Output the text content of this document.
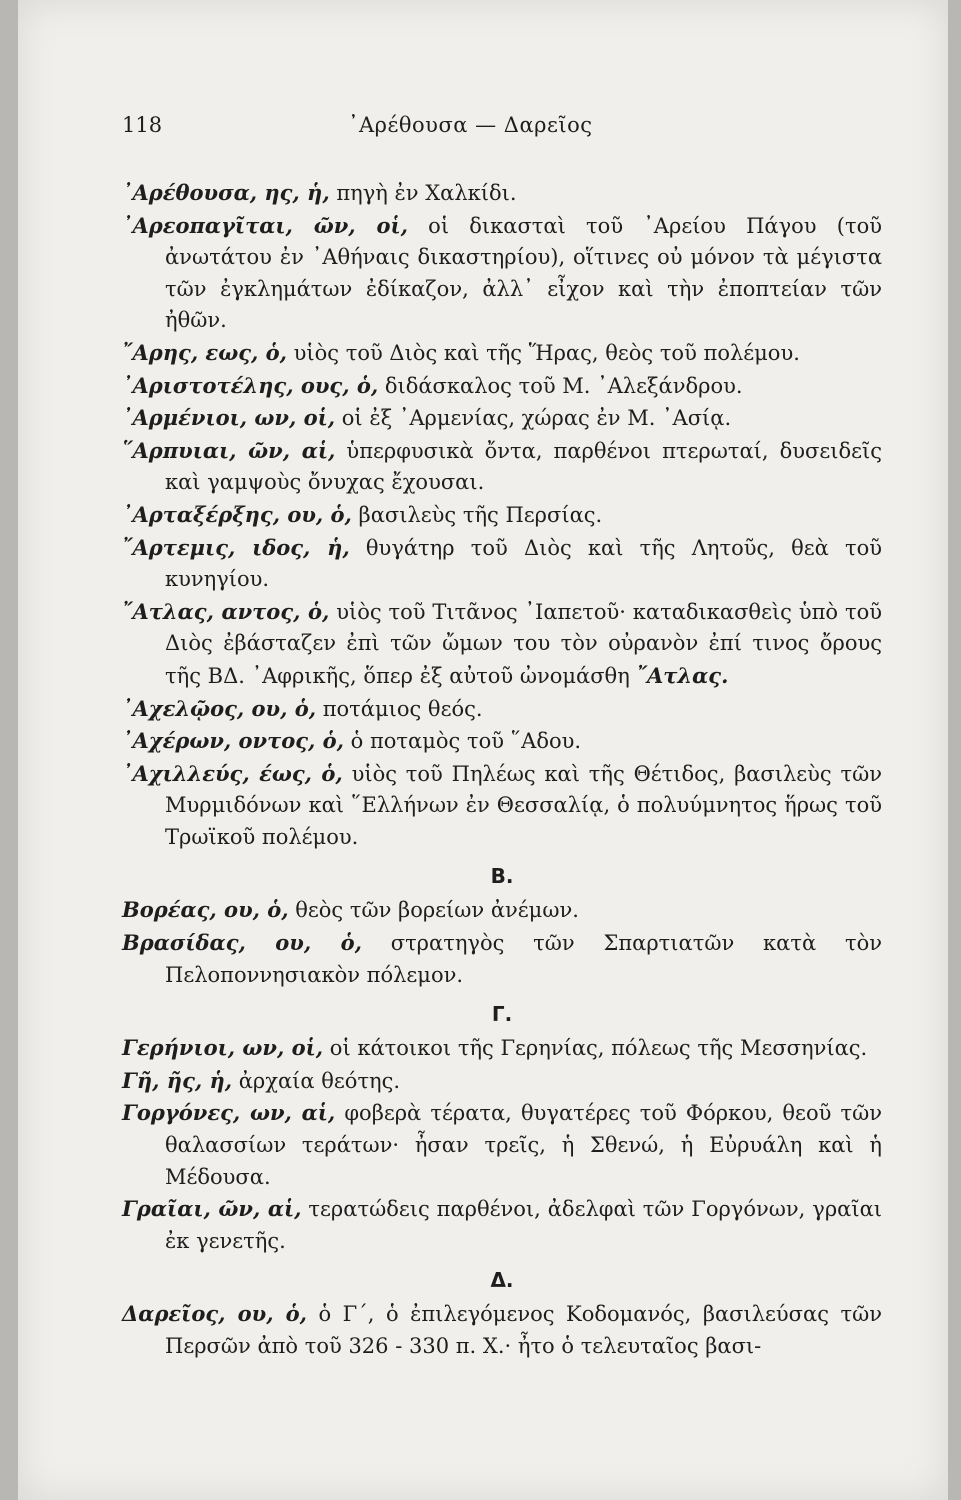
118	᾿Αρέθουσα — Δαρεῖος

᾿Αρέθουσα, ης, ἡ, πηγὴ ἐν Χαλκίδι.

᾿Αρεοπαγῖται, ῶν, οἱ, οἱ δικασταὶ τοῦ ᾿Αρείου Πάγου (τοῦ ἀνωτάτου ἐν ᾿Αθήναις δικαστηρίου), οἵτινες οὐ μόνον τὰ μέγιστα τῶν ἐγκλημάτων ἐδίκαζον, ἀλλ᾿ εἶχον καὶ τὴν ἐποπτείαν τῶν ἠθῶν.

῎Αρης, εως, ὁ, υἱὸς τοῦ Διὸς καὶ τῆς Ἥρας, θεὸς τοῦ πολέμου.

᾿Αριστοτέλης, ους, ὁ, διδάσκαλος τοῦ Μ. ᾿Αλεξάνδρου.

᾿Αρμένιοι, ων, οἱ, οἱ ἐξ ᾿Αρμενίας, χώρας ἐν Μ. ᾿Ασίᾳ.

῞Αρπυιαι, ῶν, αἱ, ὑπερφυσικὰ ὄντα, παρθένοι πτερωταί, δυσειδεῖς καὶ γαμψοὺς ὄνυχας ἔχουσαι.

᾿Αρταξέρξης, ου, ὁ, βασιλεὺς τῆς Περσίας.

῎Αρτεμις, ιδος, ἡ, θυγάτηρ τοῦ Διὸς καὶ τῆς Λητοῦς, θεὰ τοῦ κυνηγίου.

῎Ατλας, αντος, ὁ, υἱὸς τοῦ Τιτᾶνος ᾿Ιαπετοῦ· καταδικασθεὶς ὑπὸ τοῦ Διὸς ἐβάσταζεν ἐπὶ τῶν ὤμων του τὸν οὐρανὸν ἐπί τινος ὄρους τῆς ΒΔ. ᾿Αφρικῆς, ὅπερ ἐξ αὐτοῦ ὠνομάσθη ῎Ατλας.

᾿Αχελῷος, ου, ὁ, ποτάμιος θεός.

᾿Αχέρων, οντος, ὁ, ὁ ποταμὸς τοῦ ῞Αδου.

᾿Αχιλλεύς, έως, ὁ, υἱὸς τοῦ Πηλέως καὶ τῆς Θέτιδος, βασιλεὺς τῶν Μυρμιδόνων καὶ ῞Ελλήνων ἐν Θεσσαλίᾳ, ὁ πολυύμνητος ἥρως τοῦ Τρωϊκοῦ πολέμου.

Β.

Βορέας, ου, ὁ, θεὸς τῶν βορείων ἀνέμων.

Βρασίδας, ου, ὁ, στρατηγὸς τῶν Σπαρτιατῶν κατὰ τὸν Πελοποννησιακὸν πόλεμον.

Γ.

Γερήνιοι, ων, οἱ, οἱ κάτοικοι τῆς Γερηνίας, πόλεως τῆς Μεσσηνίας.

Γῆ, ῆς, ἡ, ἀρχαία θεότης.

Γοργόνες, ων, αἱ, φοβερὰ τέρατα, θυγατέρες τοῦ Φόρκου, θεοῦ τῶν θαλασσίων τεράτων· ἦσαν τρεῖς, ἡ Σθενώ, ἡ Εὐρυάλη καὶ ἡ Μέδουσα.

Γραῖαι, ῶν, αἱ, τερατώδεις παρθένοι, ἀδελφαὶ τῶν Γοργόνων, γραῖαι ἐκ γενετῆς.

Δ.

Δαρεῖος, ου, ὁ, ὁ Γ΄, ὁ ἐπιλεγόμενος Κοδομανός, βασιλεύσας τῶν Περσῶν ἀπὸ τοῦ 326 - 330 π. Χ.· ἦτο ὁ τελευταῖος βασι-
